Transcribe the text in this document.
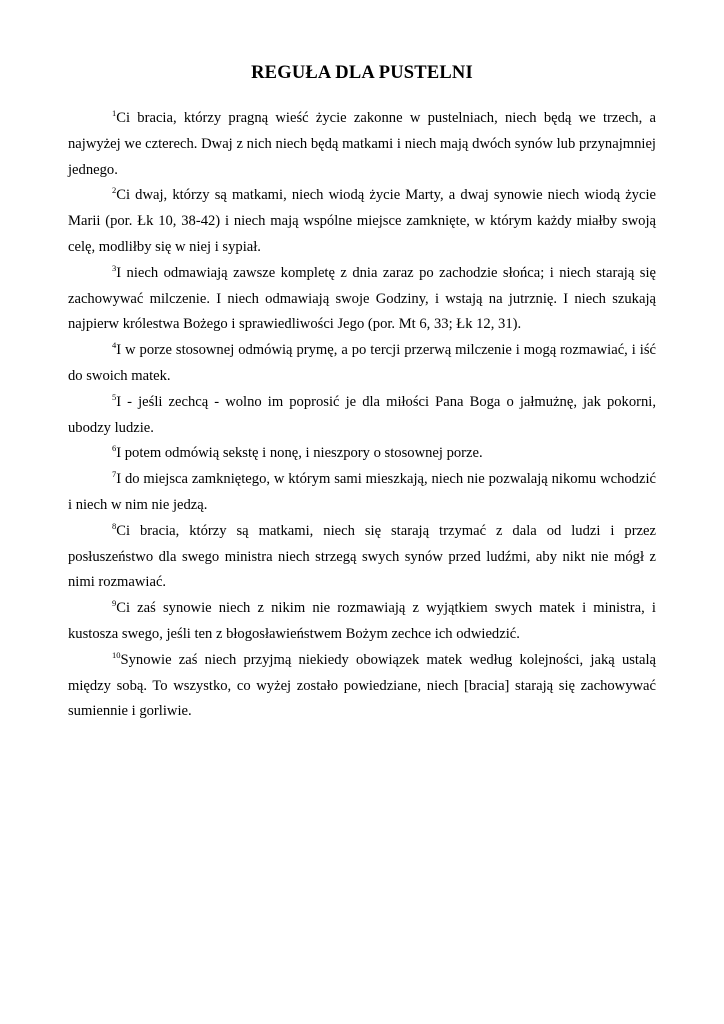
REGUŁA DLA PUSTELNI

$^1$Ci bracia, którzy pragną wieść życie zakonne w pustelniach, niech będą we trzech, a najwyżej we czterech. Dwaj z nich niech będą matkami i niech mają dwóch synów lub przynajmniej jednego.

$^2$Ci dwaj, którzy są matkami, niech wiodą życie Marty, a dwaj synowie niech wiodą życie Marii (por. Łk 10, 38-42) i niech mają wspólne miejsce zamknięte, w którym każdy miałby swoją celę, modliłby się w niej i sypiał.

$^3$I niech odmawiają zawsze kompletę z dnia zaraz po zachodzie słońca; i niech starają się zachowywać milczenie. I niech odmawiają swoje Godziny, i wstają na jutrznię. I niech szukają najpierw królestwa Bożego i sprawiedliwości Jego (por. Mt 6, 33; Łk 12, 31).

$^4$I w porze stosownej odmówią prymę, a po tercji przerwą milczenie i mogą rozmawiać, i iść do swoich matek.

$^5$I - jeśli zechcą - wolno im poprosić je dla miłości Pana Boga o jałmużnę, jak pokorni, ubodzy ludzie.

$^6$I potem odmówią sekstę i nonę, i nieszpory o stosownej porze.

$^7$I do miejsca zamkniętego, w którym sami mieszkają, niech nie pozwalają nikomu wchodzić i niech w nim nie jedzą.

$^8$Ci bracia, którzy są matkami, niech się starają trzymać z dala od ludzi i przez posłuszeństwo dla swego ministra niech strzegą swych synów przed ludźmi, aby nikt nie mógł z nimi rozmawiać.

$^9$Ci zaś synowie niech z nikim nie rozmawiają z wyjątkiem swych matek i ministra, i kustosza swego, jeśli ten z błogosławieństwem Bożym zechce ich odwiedzić.

$^{10}$Synowie zaś niech przyjmą niekiedy obowiązek matek według kolejności, jaką ustalą między sobą. To wszystko, co wyżej zostało powiedziane, niech [bracia] starają się zachowywać sumiennie i gorliwie.
